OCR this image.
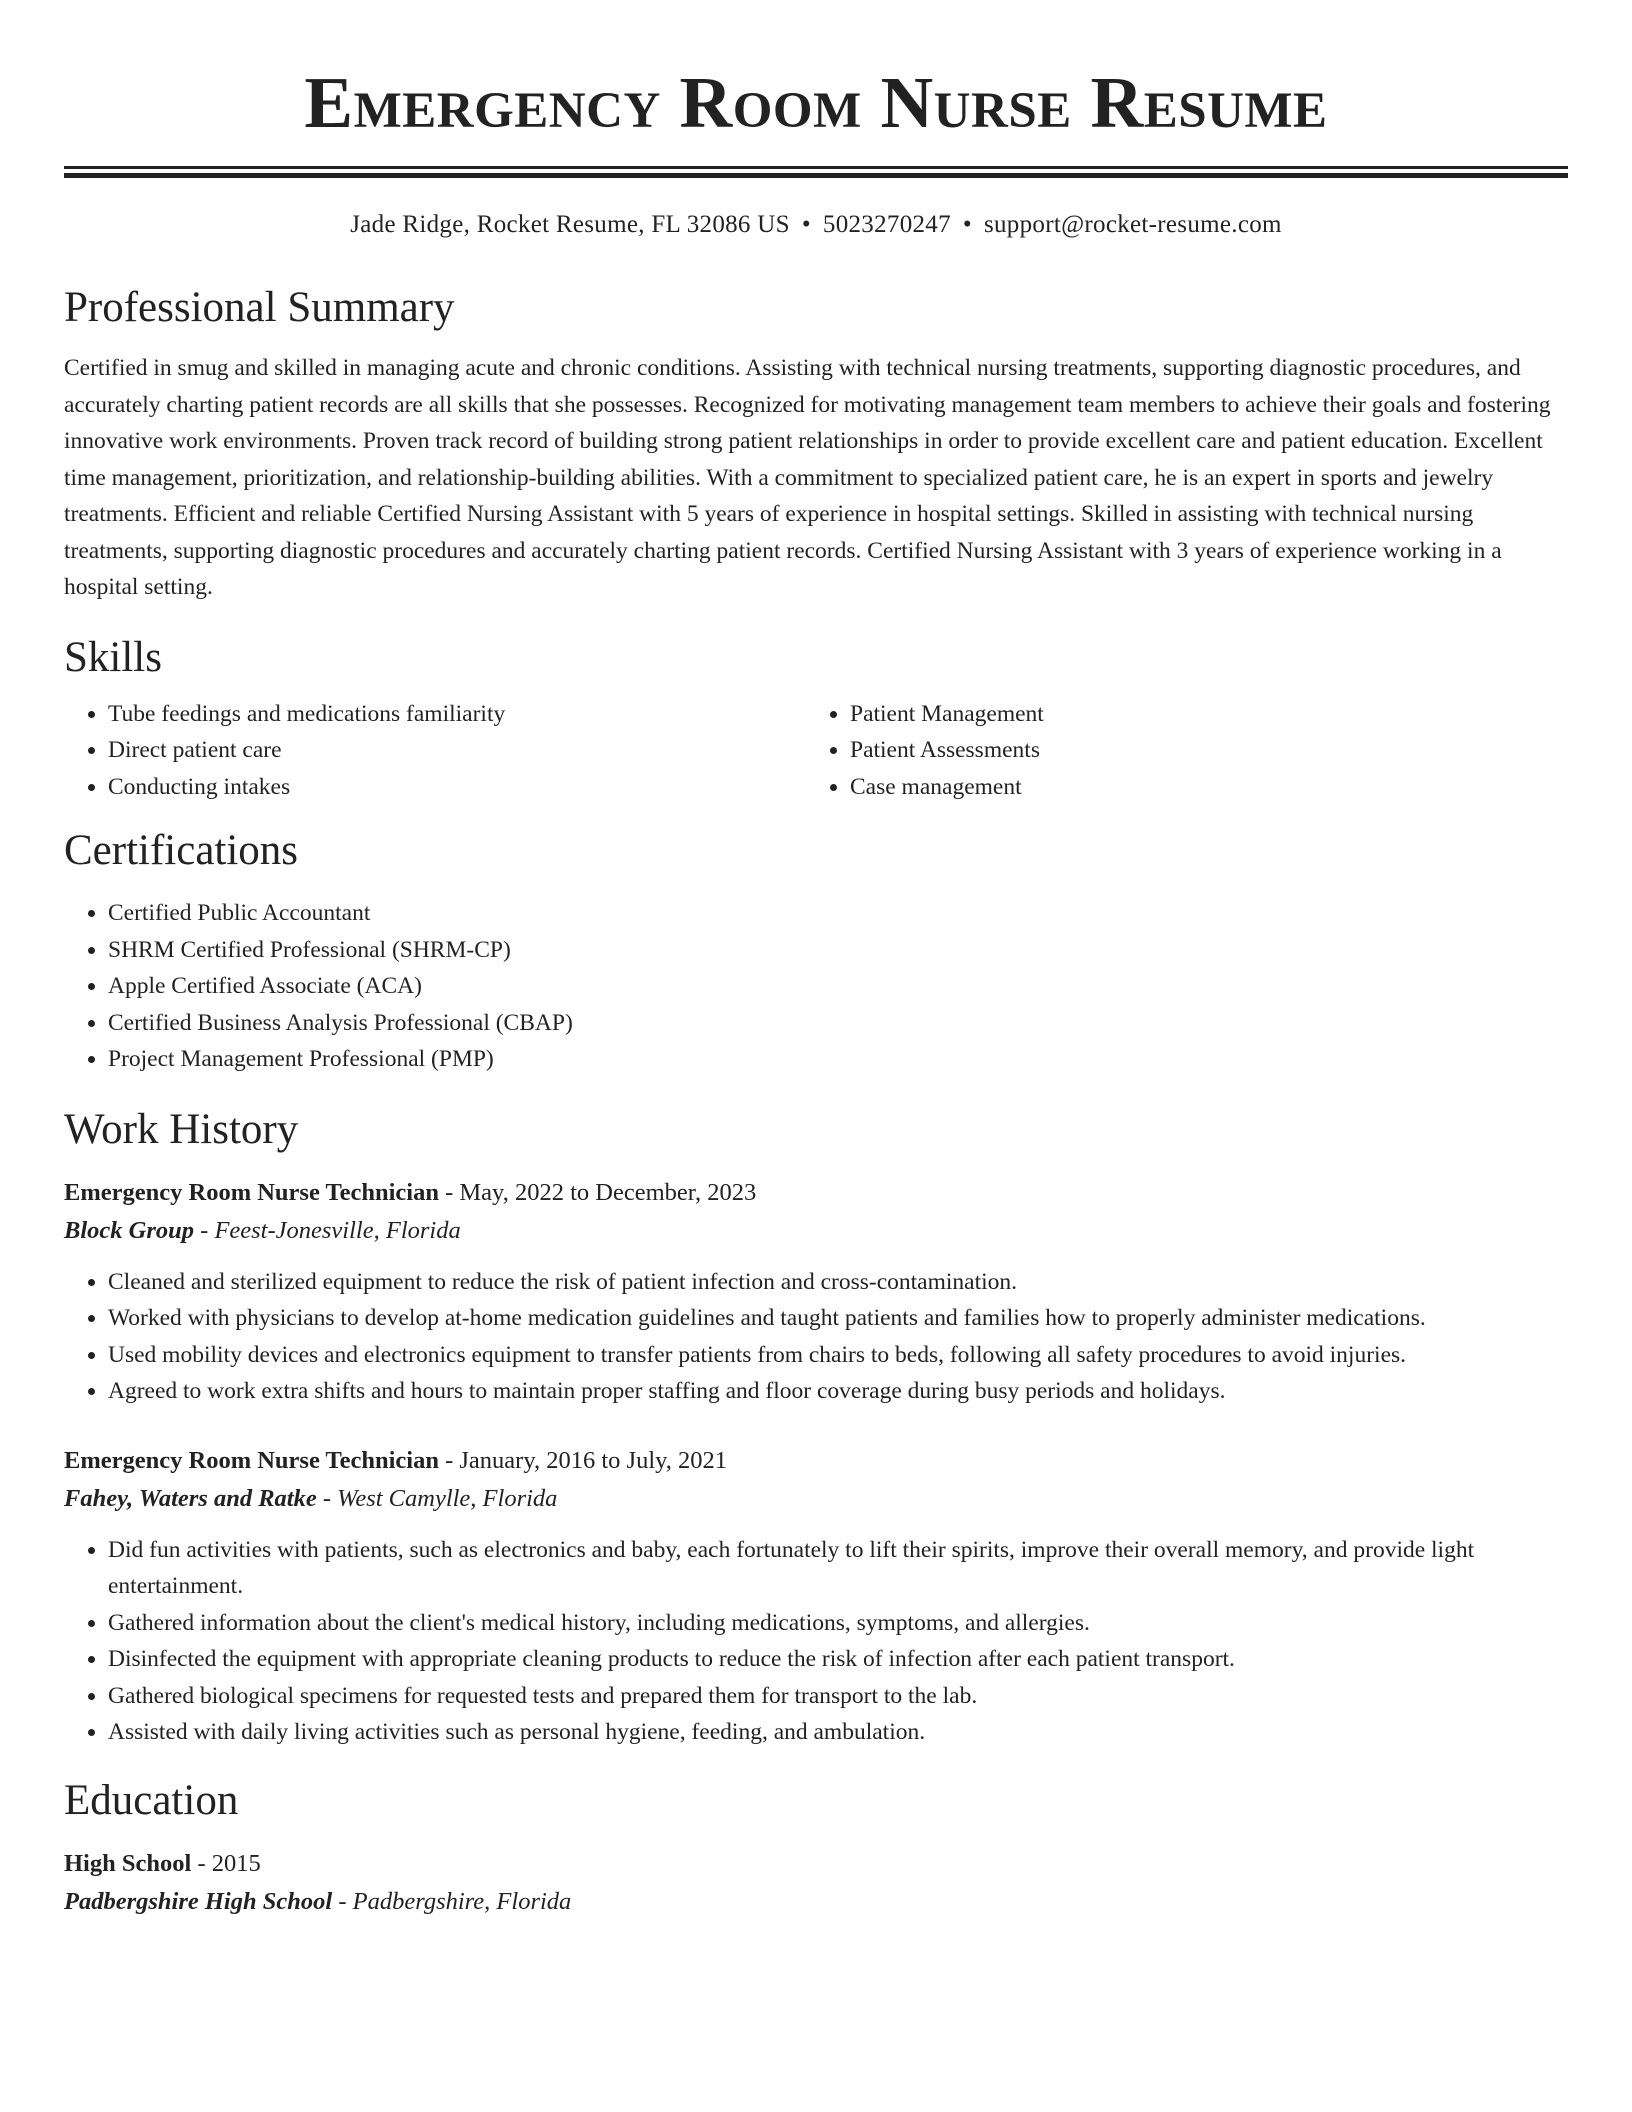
Emergency Room Nurse Resume
Jade Ridge, Rocket Resume, FL 32086 US • 5023270247 • support@rocket-resume.com
Professional Summary

Certified in smug and skilled in managing acute and chronic conditions. Assisting with technical nursing treatments, supporting diagnostic procedures, and accurately charting patient records are all skills that she possesses. Recognized for motivating management team members to achieve their goals and fostering innovative work environments. Proven track record of building strong patient relationships in order to provide excellent care and patient education. Excellent time management, prioritization, and relationship-building abilities. With a commitment to specialized patient care, he is an expert in sports and jewelry treatments. Efficient and reliable Certified Nursing Assistant with 5 years of experience in hospital settings. Skilled in assisting with technical nursing treatments, supporting diagnostic procedures and accurately charting patient records. Certified Nursing Assistant with 3 years of experience working in a hospital setting.

Skills
• Tube feedings and medications familiarity
• Direct patient care
• Conducting intakes
• Patient Management
• Patient Assessments
• Case management
Certifications
• Certified Public Accountant
• SHRM Certified Professional (SHRM-CP)
• Apple Certified Associate (ACA)
• Certified Business Analysis Professional (CBAP)
• Project Management Professional (PMP)
Work History
Emergency Room Nurse Technician - May, 2022 to December, 2023
Block Group - Feest-Jonesville, Florida
• Cleaned and sterilized equipment to reduce the risk of patient infection and cross-contamination.
• Worked with physicians to develop at-home medication guidelines and taught patients and families how to properly administer medications.
• Used mobility devices and electronics equipment to transfer patients from chairs to beds, following all safety procedures to avoid injuries.
• Agreed to work extra shifts and hours to maintain proper staffing and floor coverage during busy periods and holidays.
Emergency Room Nurse Technician - January, 2016 to July, 2021
Fahey, Waters and Ratke - West Camylle, Florida
• Did fun activities with patients, such as electronics and baby, each fortunately to lift their spirits, improve their overall memory, and provide light entertainment.
• Gathered information about the client's medical history, including medications, symptoms, and allergies.
• Disinfected the equipment with appropriate cleaning products to reduce the risk of infection after each patient transport.
• Gathered biological specimens for requested tests and prepared them for transport to the lab.
• Assisted with daily living activities such as personal hygiene, feeding, and ambulation.
Education
High School - 2015
Padbergshire High School - Padbergshire, Florida
